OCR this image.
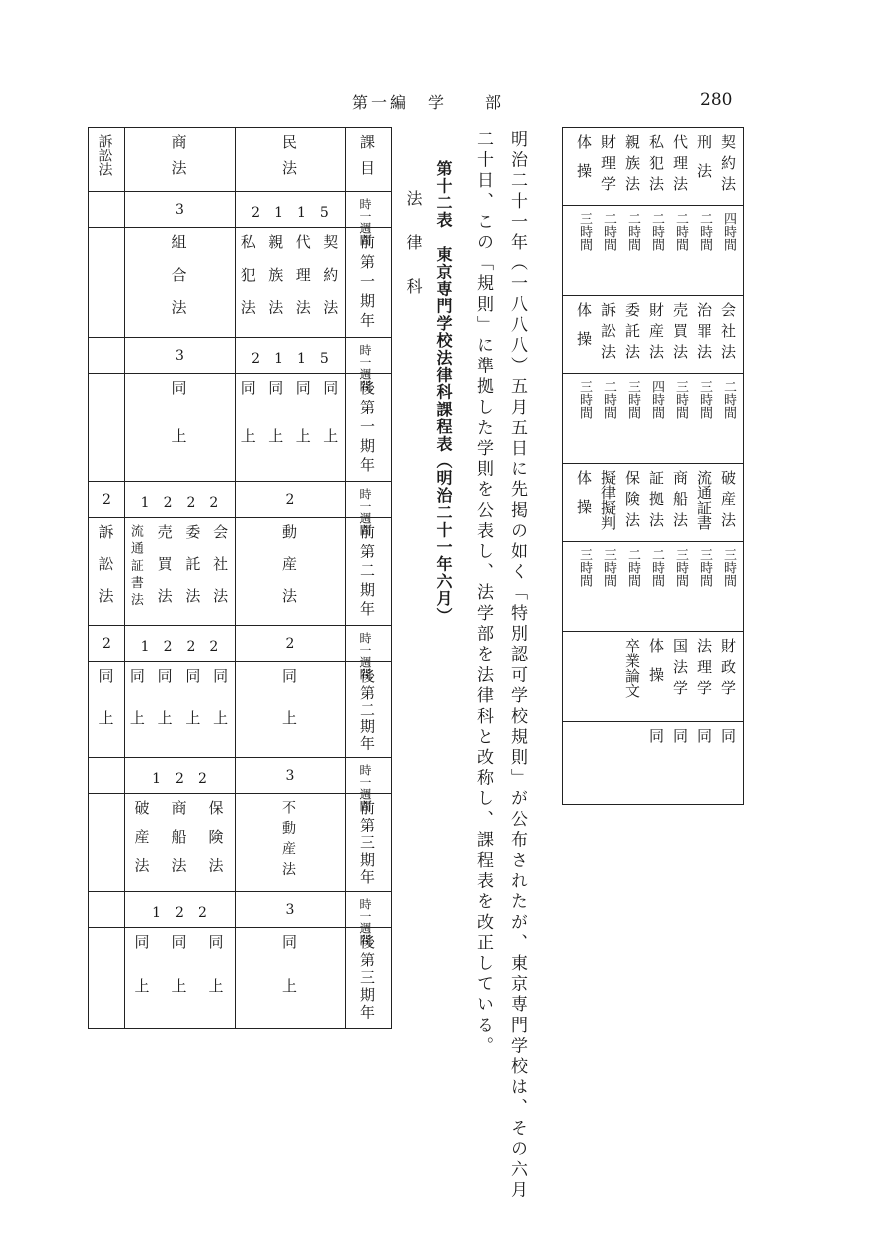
第一編　学　　部	280
契約法
刑法
代理法
私犯法
親族法
財理学
体操
四時間
二時間
二時間
二時間
二時間
二時間
三時間
会社法
治罪法
売買法
財産法
委託法
訴訟法
体操
二時間
三時間
三時間
四時間
三時間
二時間
三時間
破産法
流通証書
商船法
証拠法
保険法
擬律擬判
体操
三時間
三時間
三時間
二時間
二時間
三時間
三時間
財政学
法理学
国法学
体操
卒業論文
同
同
同
同
明治二十一年（一八八八）五月五日に先掲の如く「特別認可学校規則」が公布されたが、東京専門学校は、その六月
二十日、この「規則」に準拠した学則を公表し、法学部を法律科と改称し、課程表を改正している。
第十二表　東京専門学校法律科課程表（明治二十一年六月）
法　律　科
課目
民法
商法
訴訟法
時一週間
2　1　1　5
3
前第一期年
契約法
代理法
親族法
私犯法
組合法
時一週間
2　1　1　5
3
後第一期年
同上
同上
同上
同上
同上
時一週間
2
1　2　2　2
2
前第二期年
動産法
会社法
委託法
売買法
流通証書法
訴訟法
時一週間
2
1　2　2　2
2
後第二期年
同上
同上
同上
同上
同上
同上
時一週間
3
1　2　2
前第三期年
不動産法
保険法
商船法
破産法
時一週間
3
1　2　2
後第三期年
同上
同上
同上
同上
